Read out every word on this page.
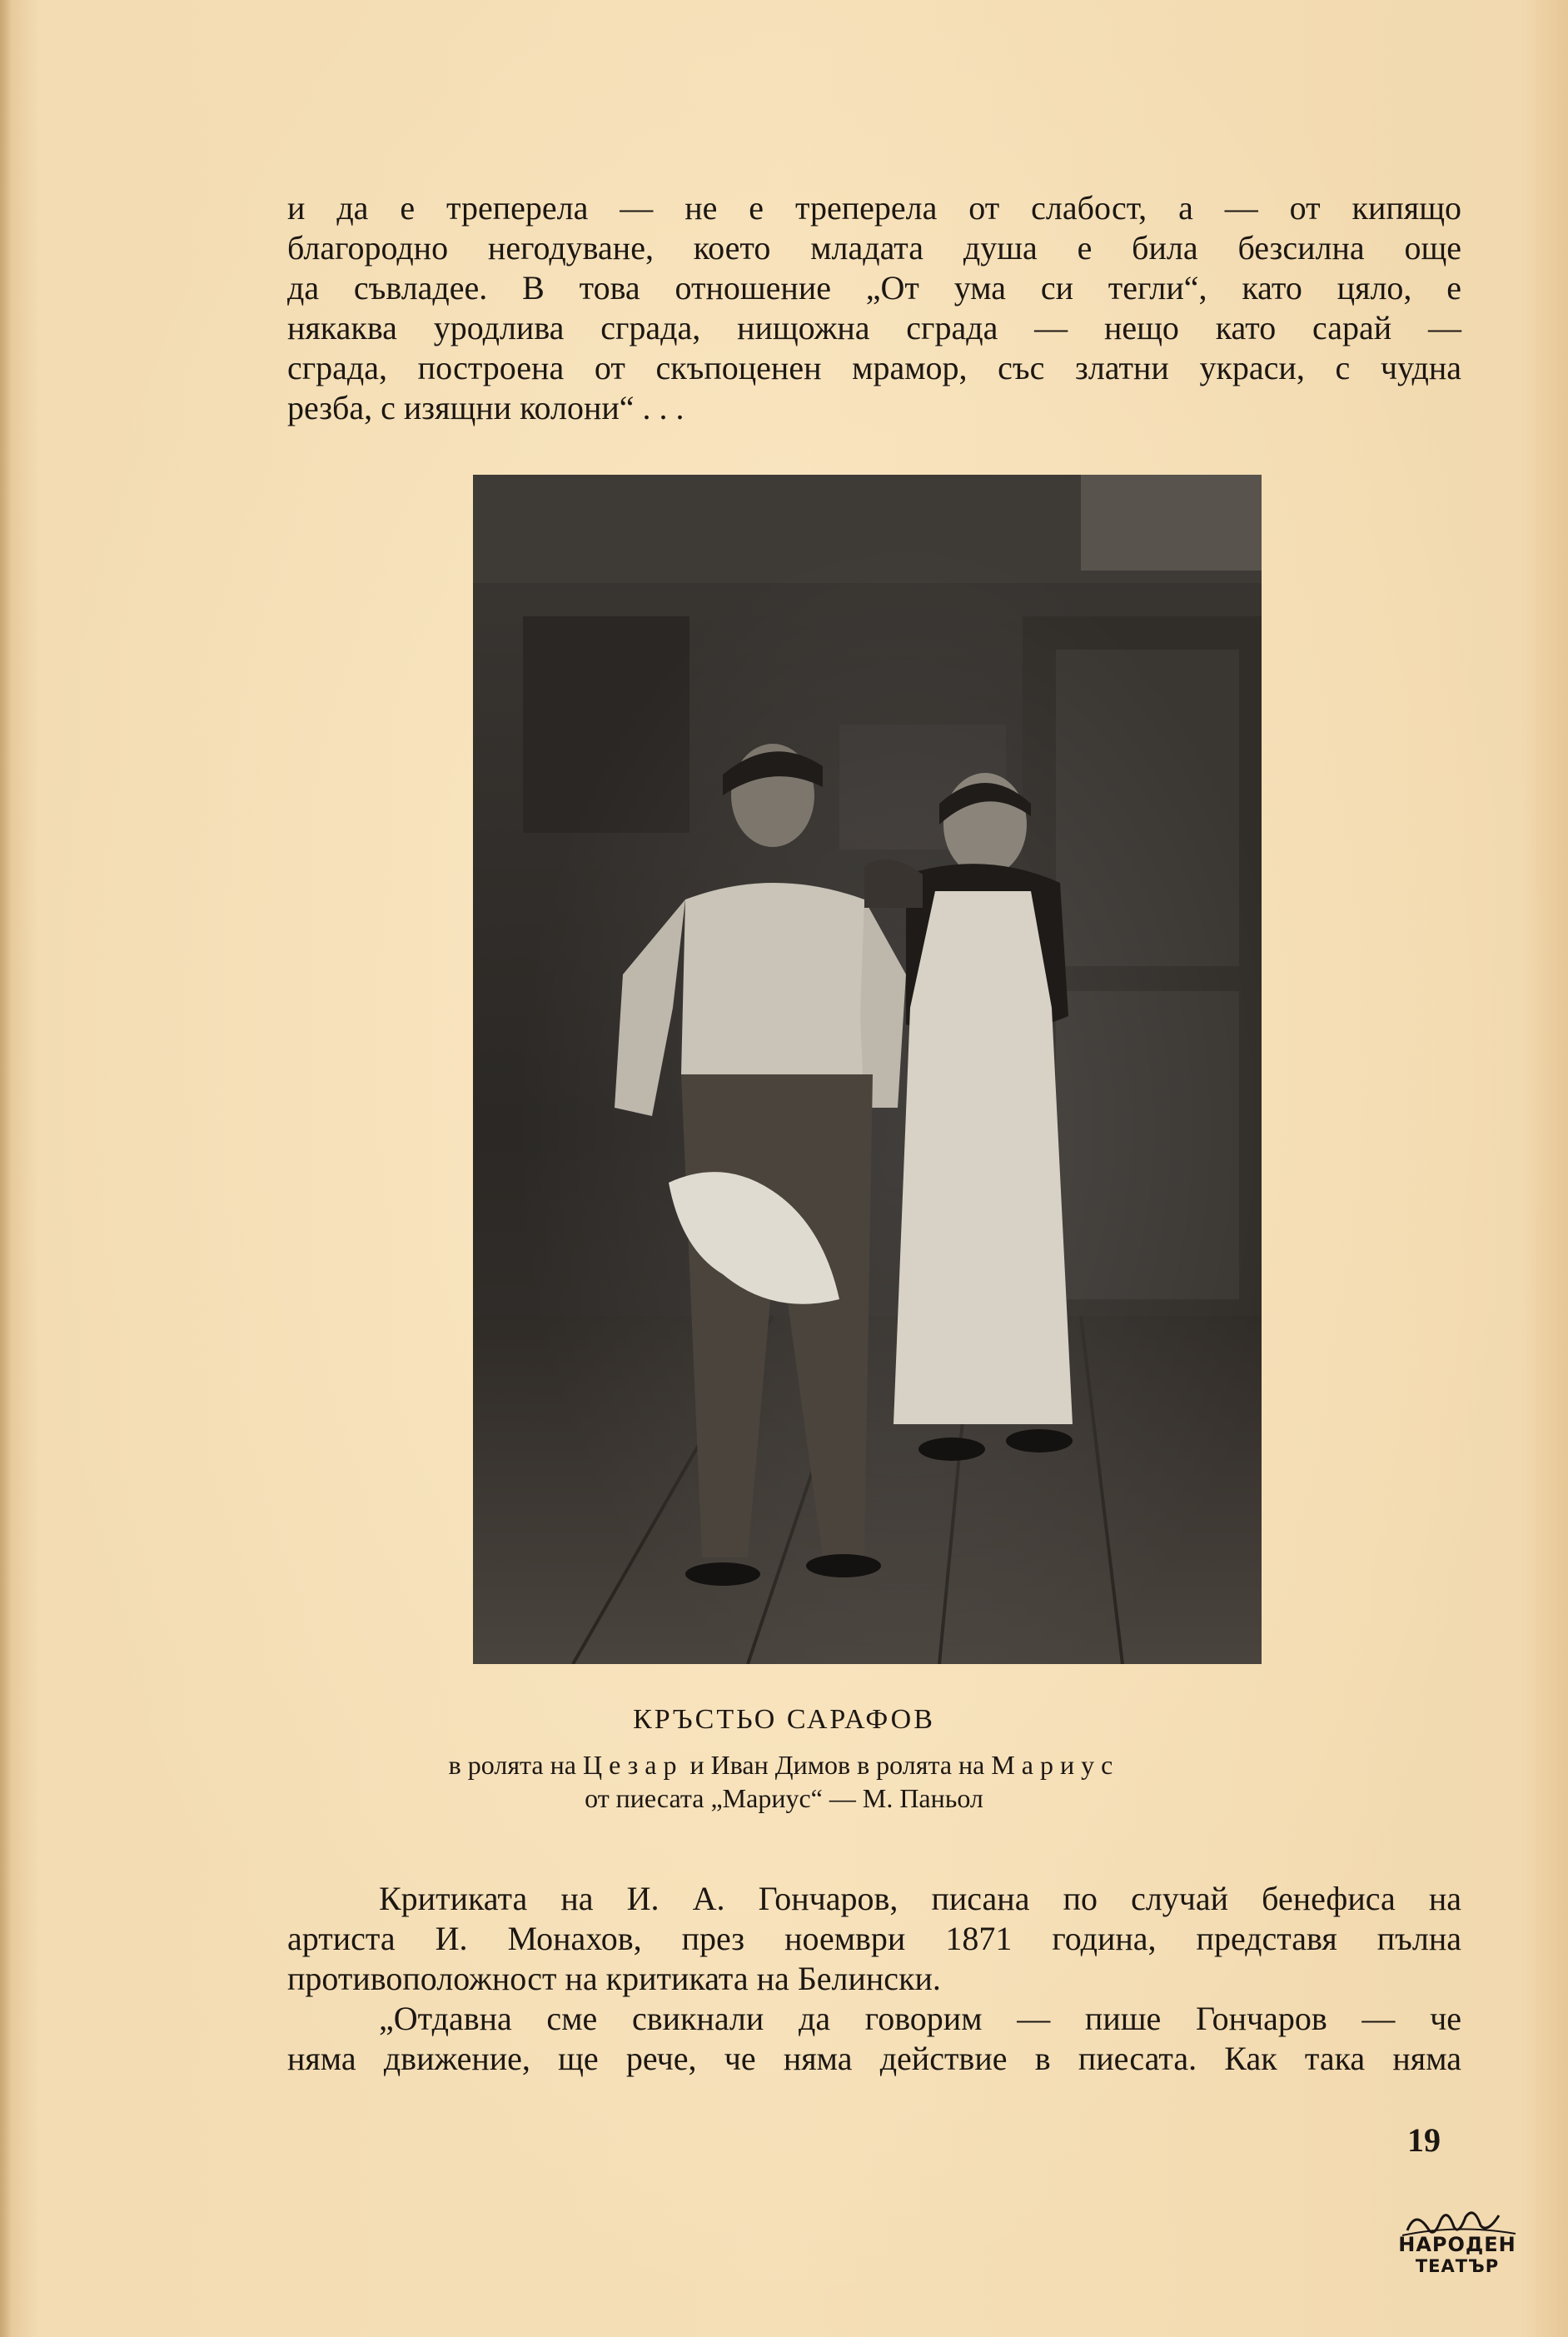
и да е треперела — не е треперела от слабост, а — от кипящо
благородно негодуване, което младата душа е била безсилна още
да съвладее. В това отношение „От ума си тегли“, като цяло, е
някаква уродлива сграда, нищожна сграда — нещо като сарай —
сграда, построена от скъпоценен мрамор, със златни украси, с чудна
резба, с изящни колони“ . . .
КРЪСТЬО САРАФОВ
в ролята на Цезар и Иван Димов в ролята на Мариус
от пиесата „Мариус“ — М. Паньол
Критиката на И. А. Гончаров, писана по случай бенефиса на
артиста И. Монахов, през ноември 1871 година, представя пълна
противоположност на критиката на Белински.
„Отдавна сме свикнали да говорим — пише Гончаров — че
няма движение, ще рече, че няма действие в пиесата. Как така няма
19
НАРОДЕН
ТЕАТЪР
